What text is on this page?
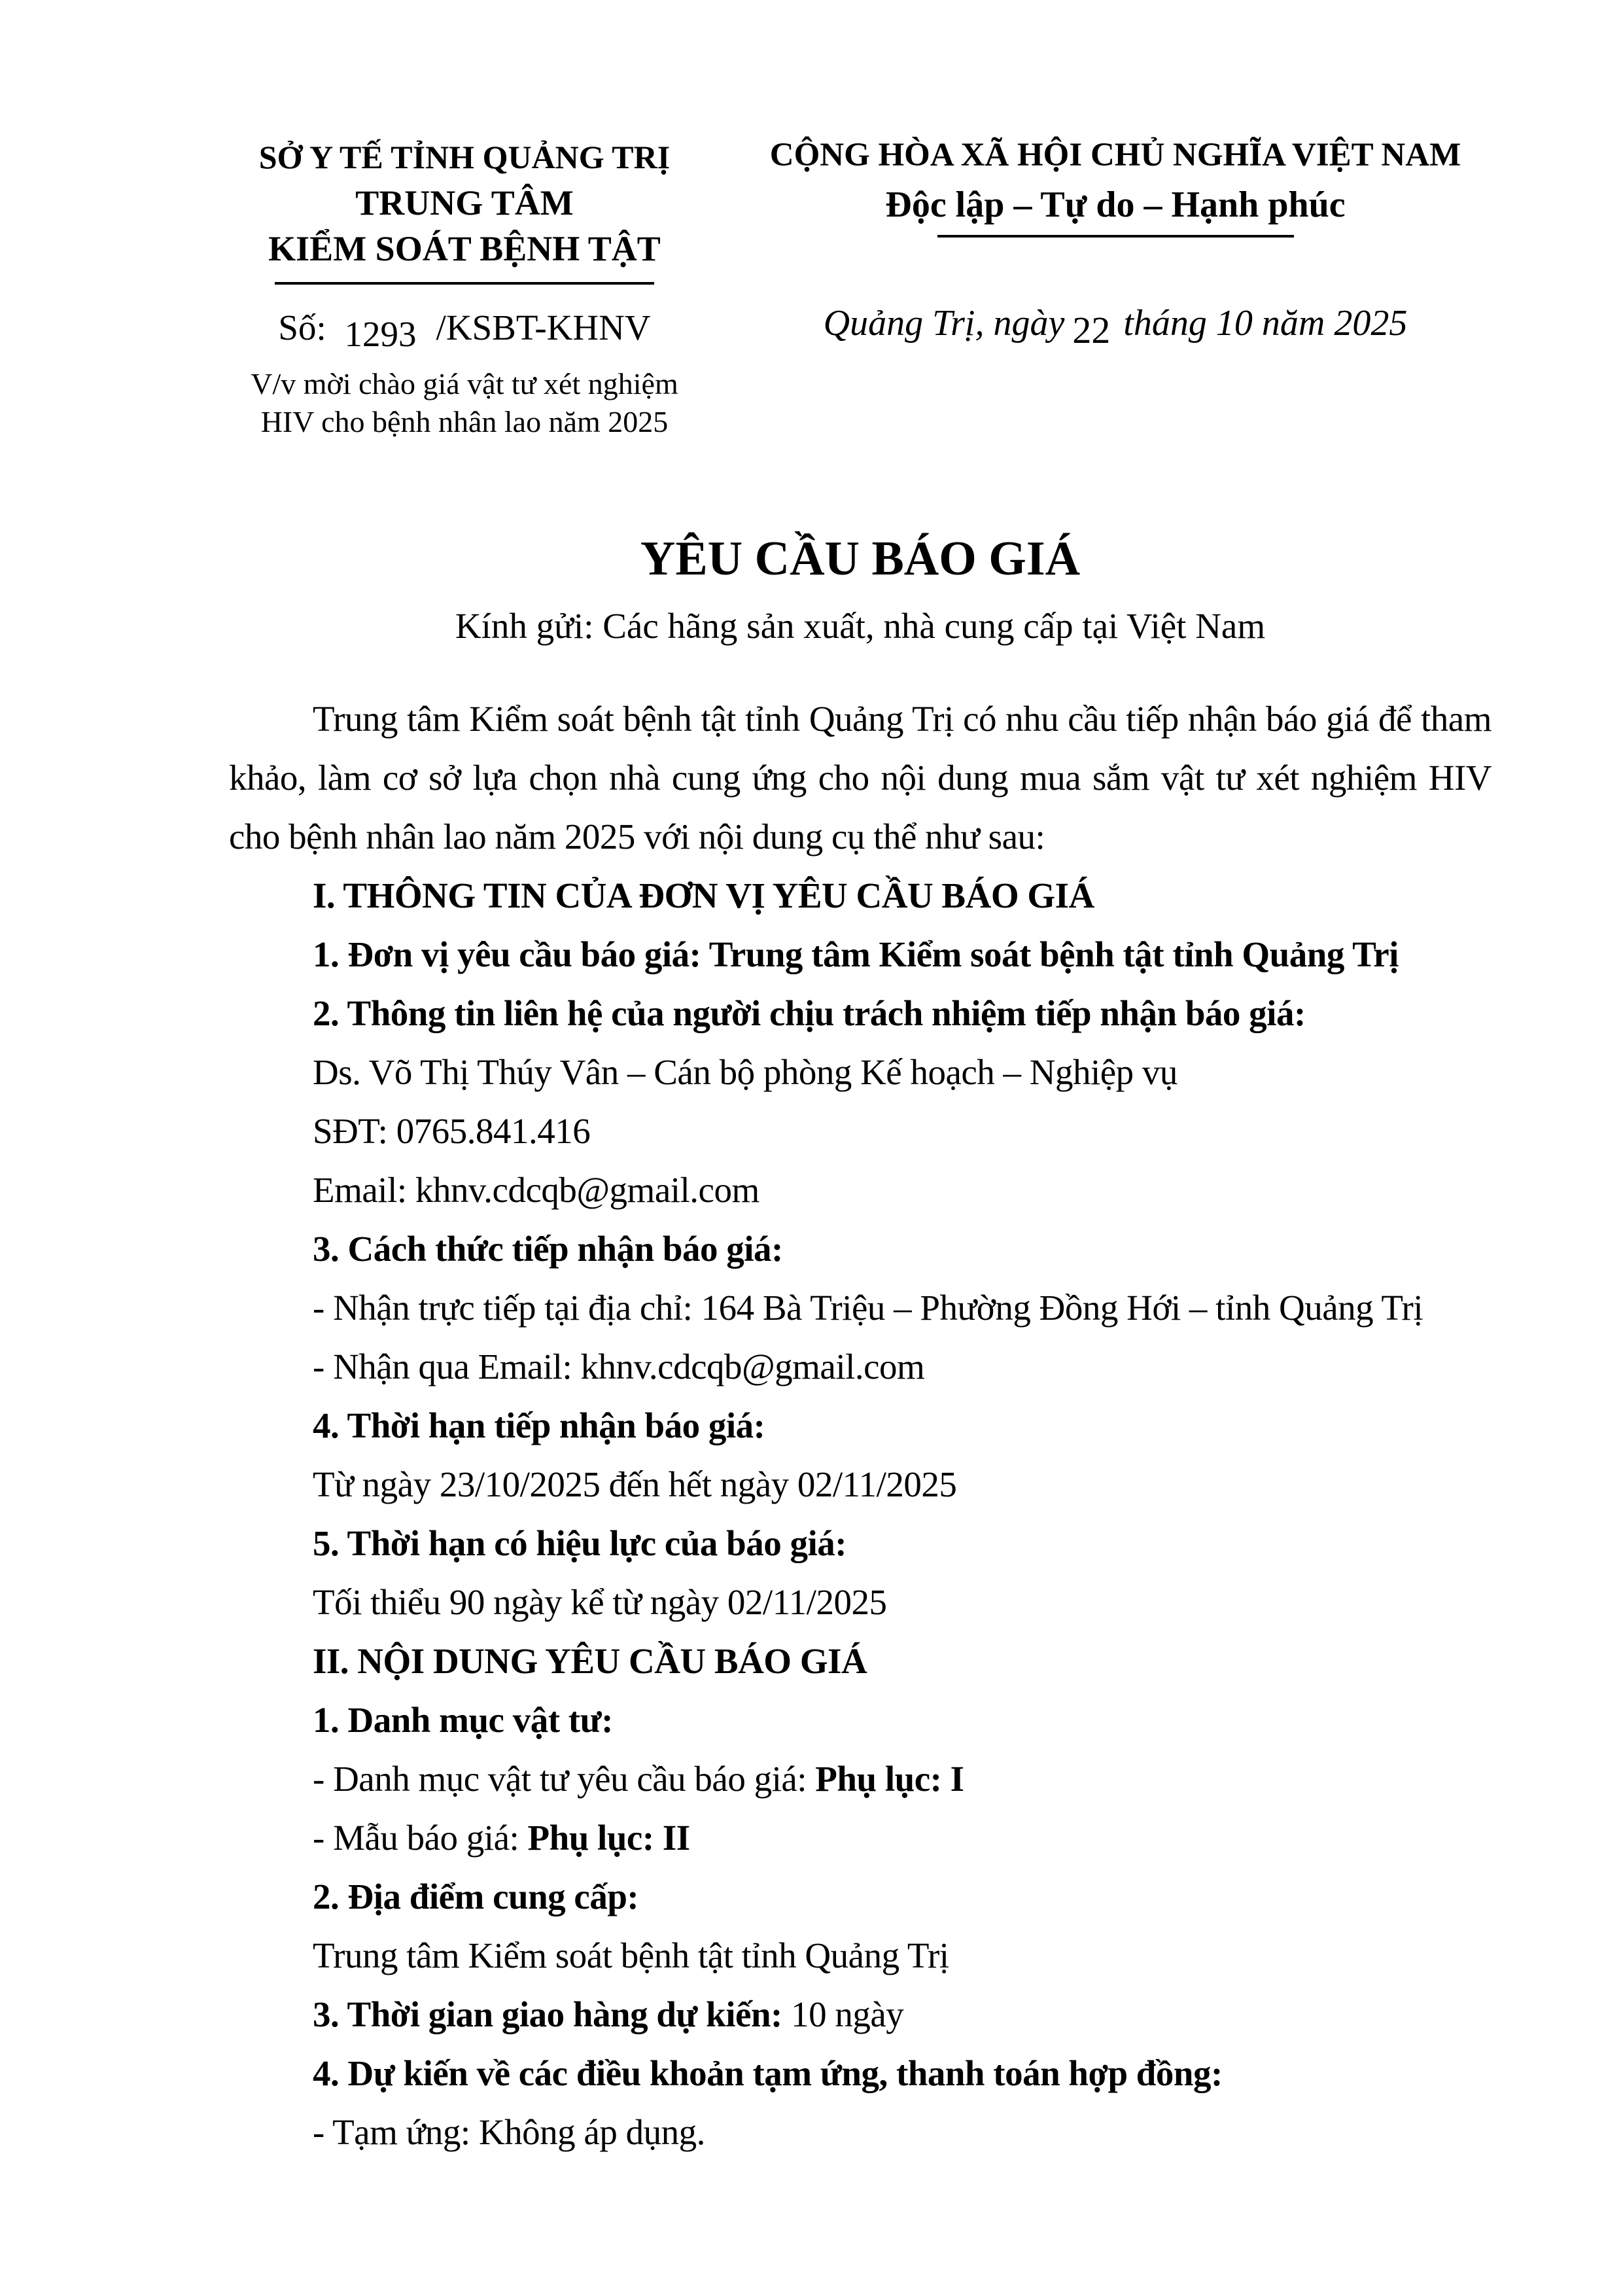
SỞ Y TẾ TỈNH QUẢNG TRỊ
TRUNG TÂM
KIỂM SOÁT BỆNH TẬT
Số: 1293 /KSBT-KHNV
V/v mời chào giá vật tư xét nghiệm
HIV cho bệnh nhân lao năm 2025
CỘNG HÒA XÃ HỘI CHỦ NGHĨA VIỆT NAM
Độc lập – Tự do – Hạnh phúc
Quảng Trị, ngày 22 tháng 10 năm 2025
YÊU CẦU BÁO GIÁ
Kính gửi: Các hãng sản xuất, nhà cung cấp tại Việt Nam

Trung tâm Kiểm soát bệnh tật tỉnh Quảng Trị có nhu cầu tiếp nhận báo giá để tham khảo, làm cơ sở lựa chọn nhà cung ứng cho nội dung mua sắm vật tư xét nghiệm HIV cho bệnh nhân lao năm 2025 với nội dung cụ thể như sau:

I. THÔNG TIN CỦA ĐƠN VỊ YÊU CẦU BÁO GIÁ

1. Đơn vị yêu cầu báo giá: Trung tâm Kiểm soát bệnh tật tỉnh Quảng Trị

2. Thông tin liên hệ của người chịu trách nhiệm tiếp nhận báo giá:

Ds. Võ Thị Thúy Vân – Cán bộ phòng Kế hoạch – Nghiệp vụ

SĐT: 0765.841.416

Email: khnv.cdcqb@gmail.com

3. Cách thức tiếp nhận báo giá:

- Nhận trực tiếp tại địa chỉ: 164 Bà Triệu – Phường Đồng Hới – tỉnh Quảng Trị

- Nhận qua Email: khnv.cdcqb@gmail.com

4. Thời hạn tiếp nhận báo giá:

Từ ngày 23/10/2025 đến hết ngày 02/11/2025

5. Thời hạn có hiệu lực của báo giá:

Tối thiểu 90 ngày kể từ ngày 02/11/2025

II. NỘI DUNG YÊU CẦU BÁO GIÁ

1. Danh mục vật tư:

- Danh mục vật tư yêu cầu báo giá: Phụ lục: I

- Mẫu báo giá: Phụ lục: II

2. Địa điểm cung cấp:

Trung tâm Kiểm soát bệnh tật tỉnh Quảng Trị

3. Thời gian giao hàng dự kiến: 10 ngày

4. Dự kiến về các điều khoản tạm ứng, thanh toán hợp đồng:

- Tạm ứng: Không áp dụng.
